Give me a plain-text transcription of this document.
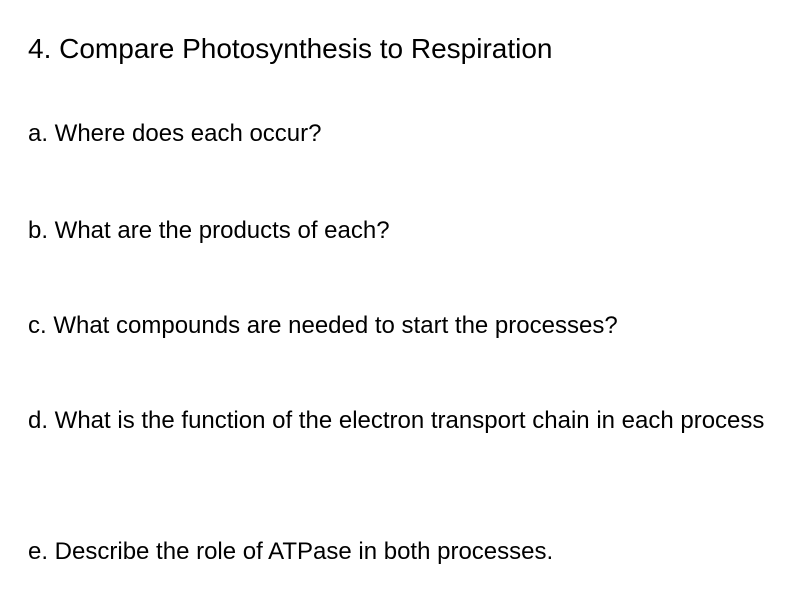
4. Compare Photosynthesis to Respiration

a. Where does each occur?

b. What are the products of each?

c. What compounds are needed to start the processes?

d. What is the function of the electron transport chain in each process

e. Describe the role of ATPase in both processes.
